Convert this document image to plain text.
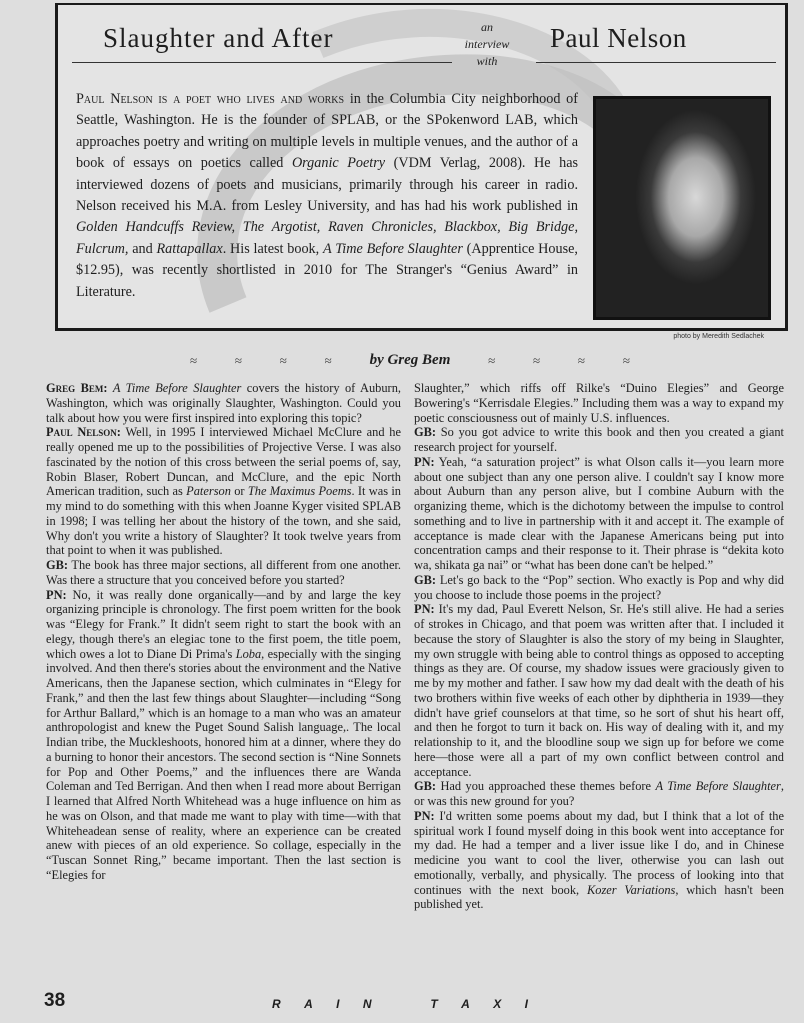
Slaughter and After	an
interview
with
Paul Nelson
Paul Nelson is a poet who lives and works in the Columbia City neighborhood of Seattle, Washington. He is the founder of SPLAB, or the SPokenword LAB, which approaches poetry and writing on multiple levels in multiple venues, and the author of a book of essays on poetics called Organic Poetry (VDM Verlag, 2008). He has interviewed dozens of poets and musicians, primarily through his career in radio. Nelson received his M.A. from Lesley University, and has had his work published in Golden Handcuffs Review, The Argotist, Raven Chronicles, Blackbox, Big Bridge, Fulcrum, and Rattapallax. His latest book, A Time Before Slaughter (Apprentice House, $12.95), was recently shortlisted in 2010 for The Stranger's “Genius Award” in Literature.
photo by Meredith Sedlachek
≈	≈	≈	≈	by Greg Bem	≈	≈	≈	≈

Greg Bem: A Time Before Slaughter covers the history of Auburn, Washington, which was originally Slaughter, Washington. Could you talk about how you were first inspired into exploring this topic?

Paul Nelson: Well, in 1995 I interviewed Michael McClure and he really opened me up to the possibilities of Projective Verse. I was also fascinated by the notion of this cross between the serial poems of, say, Robin Blaser, Robert Duncan, and McClure, and the epic North American tradition, such as Paterson or The Maximus Poems. It was in my mind to do something with this when Joanne Kyger visited SPLAB in 1998; I was telling her about the history of the town, and she said, Why don't you write a history of Slaughter? It took twelve years from that point to when it was published.

GB: The book has three major sections, all different from one another. Was there a structure that you conceived before you started?

PN: No, it was really done organically—and by and large the key organizing principle is chronology. The first poem written for the book was “Elegy for Frank.” It didn't seem right to start the book with an elegy, though there's an elegiac tone to the first poem, the title poem, which owes a lot to Diane Di Prima's Loba, especially with the singing involved. And then there's stories about the environment and the Native Americans, then the Japanese section, which culminates in “Elegy for Frank,” and then the last few things about Slaughter—including “Song for Arthur Ballard,” which is an homage to a man who was an amateur anthropologist and knew the Puget Sound Salish language,. The local Indian tribe, the Muckleshoots, honored him at a dinner, where they do a burning to honor their ancestors. The second section is “Nine Sonnets for Pop and Other Poems,” and the influences there are Wanda Coleman and Ted Berrigan. And then when I read more about Berrigan I learned that Alfred North Whitehead was a huge influence on him as he was on Olson, and that made me want to play with time—with that Whiteheadean sense of reality, where an experience can be created anew with pieces of an old experience. So collage, especially in the “Tuscan Sonnet Ring,” became important. Then the last section is “Elegies for

Slaughter,” which riffs off Rilke's “Duino Elegies” and George Bowering's “Kerrisdale Elegies.” Including them was a way to expand my poetic consciousness out of mainly U.S. influences.

GB: So you got advice to write this book and then you created a giant research project for yourself.

PN: Yeah, “a saturation project” is what Olson calls it—you learn more about one subject than any one person alive. I couldn't say I know more about Auburn than any person alive, but I combine Auburn with the organizing theme, which is the dichotomy between the impulse to control something and to live in partnership with it and accept it. The example of acceptance is made clear with the Japanese Americans being put into concentration camps and their response to it. Their phrase is “dekita koto wa, shikata ga nai” or “what has been done can't be helped.”

GB: Let's go back to the “Pop” section. Who exactly is Pop and why did you choose to include those poems in the project?

PN: It's my dad, Paul Everett Nelson, Sr. He's still alive. He had a series of strokes in Chicago, and that poem was written after that. I included it because the story of Slaughter is also the story of my being in Slaughter, my own struggle with being able to control things as opposed to accepting things as they are. Of course, my shadow issues were graciously given to me by my mother and father. I saw how my dad dealt with the death of his two brothers within five weeks of each other by diphtheria in 1939—they didn't have grief counselors at that time, so he sort of shut his heart off, and then he forgot to turn it back on. His way of dealing with it, and my relationship to it, and the bloodline soup we sign up for before we come here—those were all a part of my own conflict between control and acceptance.

GB: Had you approached these themes before A Time Before Slaughter, or was this new ground for you?

PN: I'd written some poems about my dad, but I think that a lot of the spiritual work I found myself doing in this book went into acceptance for my dad. He had a temper and a liver issue like I do, and in Chinese medicine you want to cool the liver, otherwise you can lash out emotionally, verbally, and physically. The process of looking into that continues with the next book, Kozer Variations, which hasn't been published yet.

38	R A I N	T A X I
